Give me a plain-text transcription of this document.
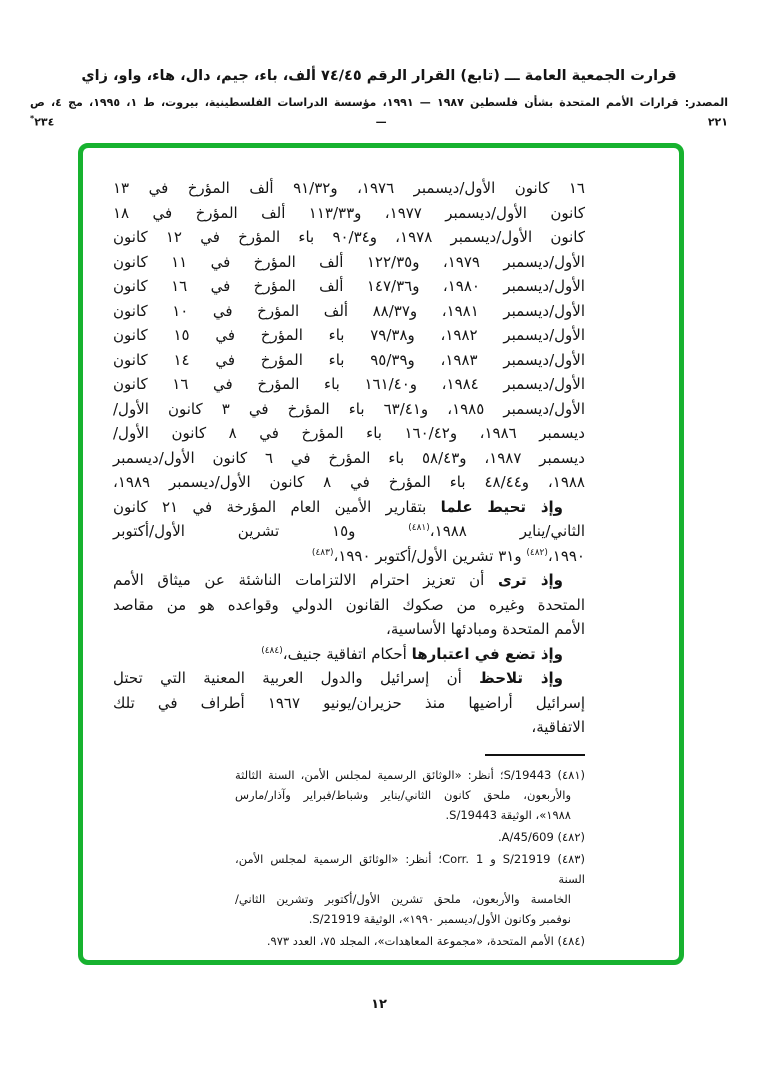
قرارت الجمعية العامة ـــ (تابع) القرار الرقم ٧٤/٤٥ ألف، باء، جيم، دال، هاء، واو، زاي
المصدر: قرارات الأمم المتحدة بشأن فلسطين ١٩٨٧ — ١٩٩١، مؤسسة الدراسات الفلسطينية، بيروت، ط ١، ١٩٩٥، مج ٤، ص ٢٢١ — ٢٣٤*
١٦ كانون الأول/ديسمبر ١٩٧٦، و٩١/٣٢ ألف المؤرخ في ١٣
كانون الأول/ديسمبر ١٩٧٧، و١١٣/٣٣ ألف المؤرخ في ١٨
كانون الأول/ديسمبر ١٩٧٨، و٩٠/٣٤ باء المؤرخ في ١٢ كانون
الأول/ديسمبر ١٩٧٩، و١٢٢/٣٥ ألف المؤرخ في ١١ كانون
الأول/ديسمبر ١٩٨٠، و١٤٧/٣٦ ألف المؤرخ في ١٦ كانون
الأول/ديسمبر ١٩٨١، و٨٨/٣٧ ألف المؤرخ في ١٠ كانون
الأول/ديسمبر ١٩٨٢، و٧٩/٣٨ باء المؤرخ في ١٥ كانون
الأول/ديسمبر ١٩٨٣، و٩٥/٣٩ باء المؤرخ في ١٤ كانون
الأول/ديسمبر ١٩٨٤، و١٦١/٤٠ باء المؤرخ في ١٦ كانون
الأول/ديسمبر ١٩٨٥، و٦٣/٤١ باء المؤرخ في ٣ كانون الأول/
ديسمبر ١٩٨٦، و١٦٠/٤٢ باء المؤرخ في ٨ كانون الأول/
ديسمبر ١٩٨٧، و٥٨/٤٣ باء المؤرخ في ٦ كانون الأول/ديسمبر
١٩٨٨، و٤٨/٤٤ باء المؤرخ في ٨ كانون الأول/ديسمبر ١٩٨٩،
وإذ تحيط علما بتقارير الأمين العام المؤرخة في ٢١ كانون
الثاني/يناير ١٩٨٨،$^{(٤٨١)}$ و١٥ تشرين الأول/أكتوبر
١٩٩٠،$^{(٤٨٢)}$ و٣١ تشرين الأول/أكتوبر ١٩٩٠،$^{(٤٨٣)}$
وإذ ترى أن تعزيز احترام الالتزامات الناشئة عن ميثاق الأمم
المتحدة وغيره من صكوك القانون الدولي وقواعده هو من مقاصد
الأمم المتحدة ومبادئها الأساسية،
وإذ تضع في اعتبارها أحكام اتفاقية جنيف،$^{(٤٨٤)}$
وإذ تلاحظ أن إسرائيل والدول العربية المعنية التي تحتل
إسرائيل أراضيها منذ حزيران/يونيو ١٩٦٧ أطراف في تلك
الاتفاقية،
(٤٨١) S/19443؛ أنظر: «الوثائق الرسمية لمجلس الأمن، السنة الثالثة
والأربعون، ملحق كانون الثاني/يناير وشباط/فبراير وآذار/مارس
١٩٨٨»، الوثيقة S/19443.
(٤٨٢) A/45/609.
(٤٨٣) S/21919 و Corr. 1؛ أنظر: «الوثائق الرسمية لمجلس الأمن، السنة
الخامسة والأربعون، ملحق تشرين الأول/أكتوبر وتشرين الثاني/
نوفمبر وكانون الأول/ديسمبر ١٩٩٠»، الوثيقة S/21919.
(٤٨٤) الأمم المتحدة، «مجموعة المعاهدات»، المجلد ٧٥، العدد ٩٧٣.
١٢
